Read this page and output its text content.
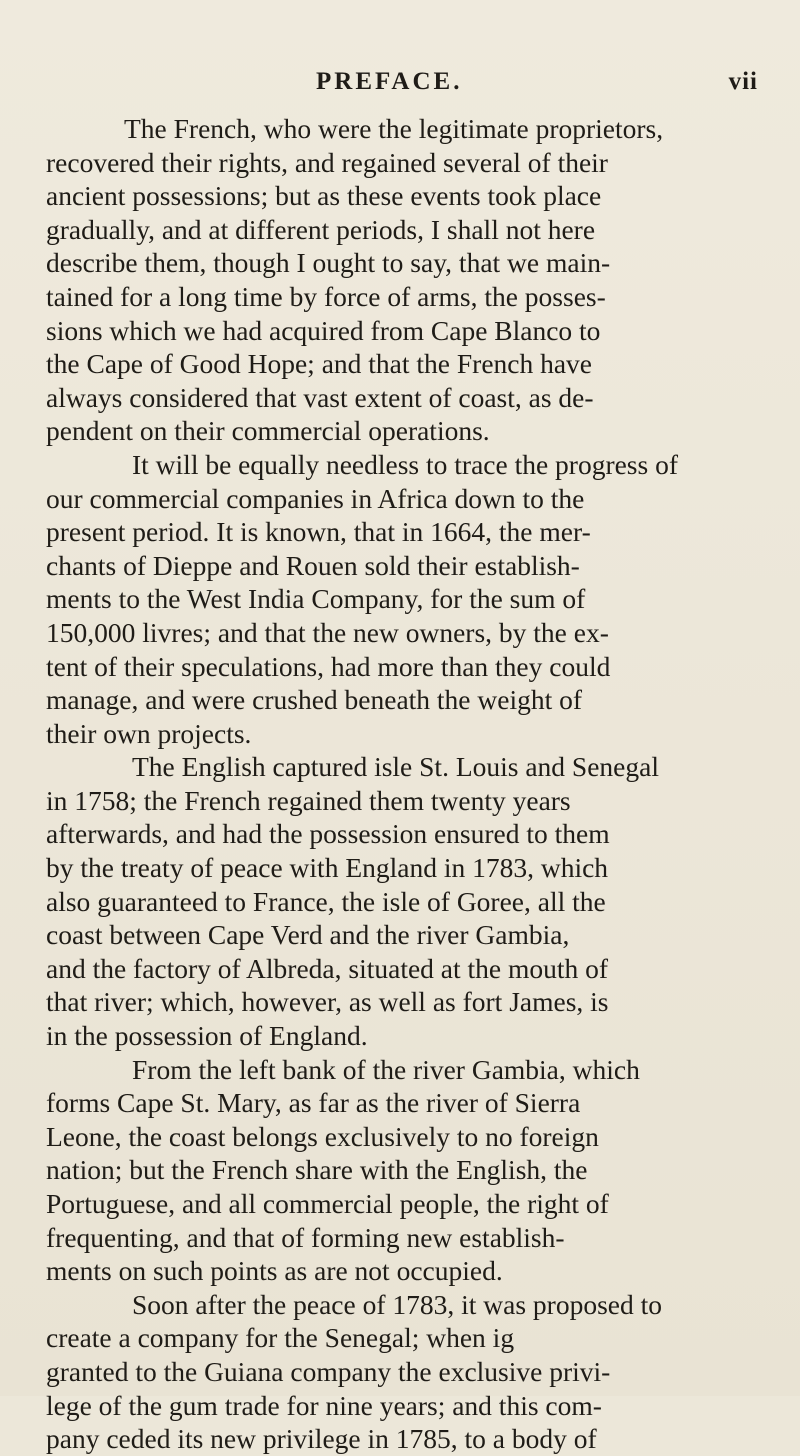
PREFACE.	vii
The French, who were the legitimate proprietors,
recovered their rights, and regained several of their
ancient possessions; but as these events took place
gradually, and at different periods, I shall not here
describe them, though I ought to say, that we main-
tained for a long time by force of arms, the posses-
sions which we had acquired from Cape Blanco to
the Cape of Good Hope; and that the French have
always considered that vast extent of coast, as de-
pendent on their commercial operations.
It will be equally needless to trace the progress of
our commercial companies in Africa down to the
present period. It is known, that in 1664, the mer-
chants of Dieppe and Rouen sold their establish-
ments to the West India Company, for the sum of
150,000 livres; and that the new owners, by the ex-
tent of their speculations, had more than they could
manage, and were crushed beneath the weight of
their own projects.
The English captured isle St. Louis and Senegal
in 1758; the French regained them twenty years
afterwards, and had the possession ensured to them
by the treaty of peace with England in 1783, which
also guaranteed to France, the isle of Goree, all the
coast between Cape Verd and the river Gambia,
and the factory of Albreda, situated at the mouth of
that river; which, however, as well as fort James, is
in the possession of England.
From the left bank of the river Gambia, which
forms Cape St. Mary, as far as the river of Sierra
Leone, the coast belongs exclusively to no foreign
nation; but the French share with the English, the
Portuguese, and all commercial people, the right of
frequenting, and that of forming new establish-
ments on such points as are not occupied.
Soon after the peace of 1783, it was proposed to
create a company for the Senegal; when ig
granted to the Guiana company the exclusive privi-
lege of the gum trade for nine years; and this com-
pany ceded its new privilege in 1785, to a body of
